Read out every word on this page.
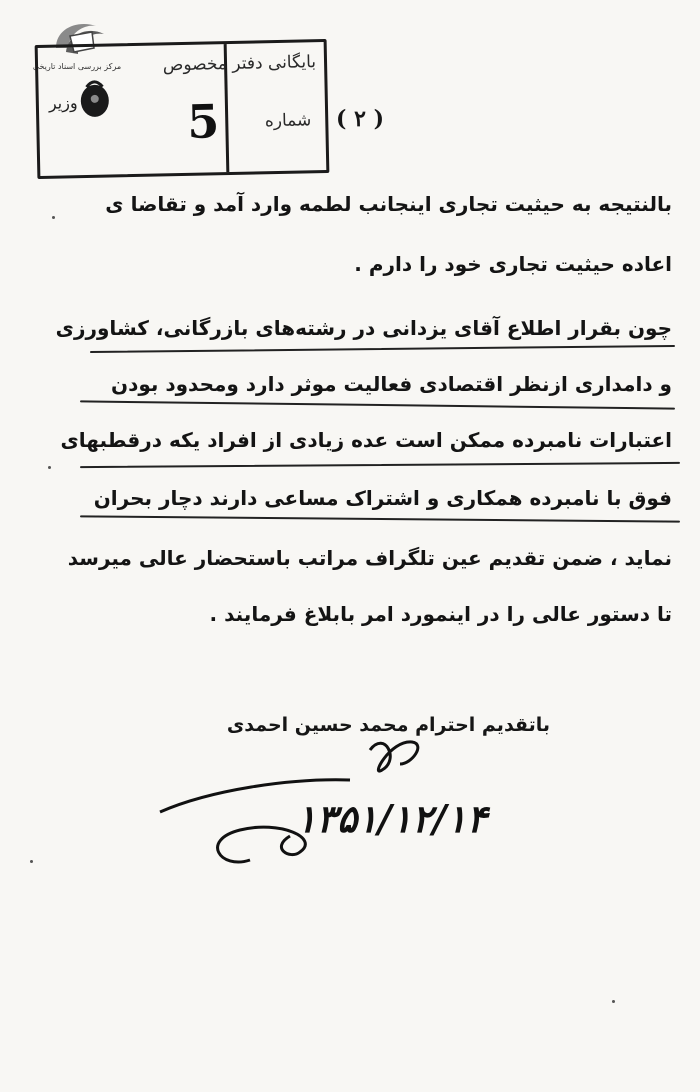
مرکز بررسی اسناد تاریخی	بایگانی دفتر مخصوص
شماره
5
وزیر
( ۲ )
بالنتیجه به حیثیت تجاری اینجانب لطمه وارد آمد و تقاضا ی
اعاده حیثیت تجاری خود را دارم .
چون بقرار اطلاع آقای یزدانی در رشته‌های بازرگانی، کشاورزی
و دامداری ازنظر اقتصادی فعالیت موثر دارد ومحدود بودن
اعتبارات نامبرده ممکن است عده زیادی از افراد یکه درقطبهای
فوق با نامبرده همکاری و اشتراک مساعی دارند دچار بحران
نماید ، ضمن تقدیم عین تلگراف مراتب باستحضار عالی میرسد
تا دستور عالی را در اینمورد امر بابلاغ فرمایند .
باتقدیم احترام محمد حسین احمدی
۱۳۵۱/۱۲/۱۴
